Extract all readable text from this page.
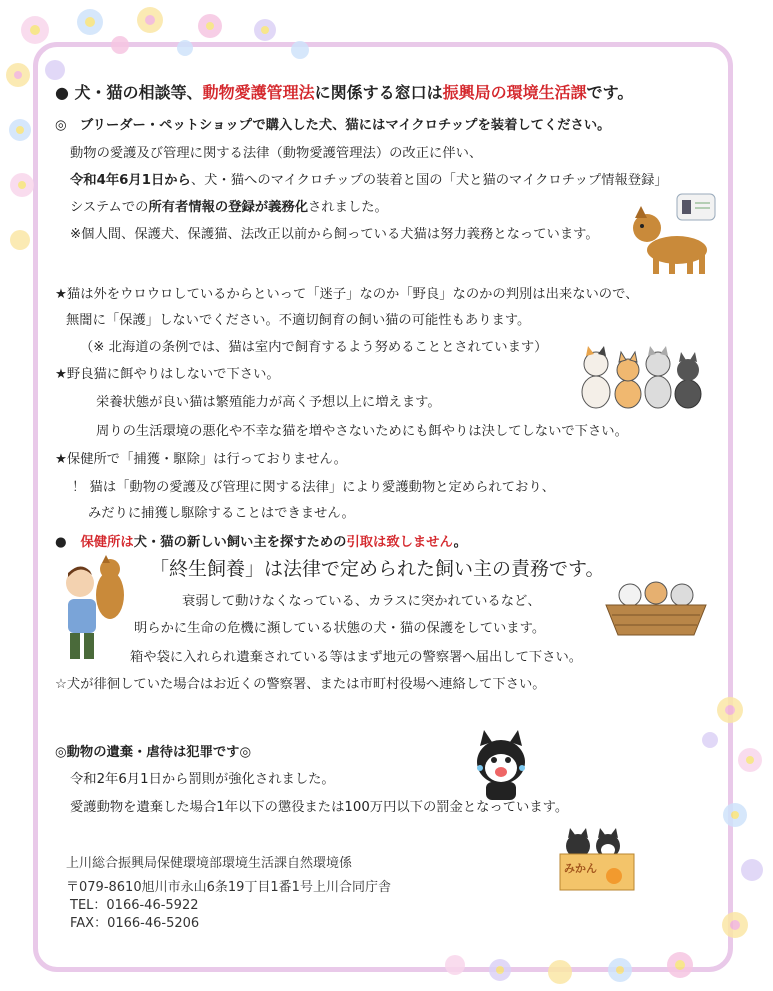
● 犬・猫の相談等、動物愛護管理法に関係する窓口は振興局の環境生活課です。
◎　ブリーダー・ペットショップで購入した犬、猫にはマイクロチップを装着してください。
動物の愛護及び管理に関する法律（動物愛護管理法）の改正に伴い、
令和4年6月1日から、犬・猫へのマイクロチップの装着と国の「犬と猫のマイクロチップ情報登録」
システムでの所有者情報の登録が義務化されました。
※個人間、保護犬、保護猫、法改正以前から飼っている犬猫は努力義務となっています。
★猫は外をウロウロしているからといって「迷子」なのか「野良」なのかの判別は出来ないので、
無闇に「保護」しないでください。不適切飼育の飼い猫の可能性もあります。
（※ 北海道の条例では、猫は室内で飼育するよう努めることとされています）
★野良猫に餌やりはしないで下さい。
栄養状態が良い猫は繁殖能力が高く予想以上に増えます。
周りの生活環境の悪化や不幸な猫を増やさないためにも餌やりは決してしないで下さい。
★保健所で「捕獲・駆除」は行っておりません。
！ 猫は「動物の愛護及び管理に関する法律」により愛護動物と定められており、
みだりに捕獲し駆除することはできません。
● 保健所は犬・猫の新しい飼い主を探すための引取は致しません。
「終生飼養」は法律で定められた飼い主の責務です。
衰弱して動けなくなっている、カラスに突かれているなど、
明らかに生命の危機に瀕している状態の犬・猫の保護をしています。
箱や袋に入れられ遺棄されている等はまず地元の警察署へ届出して下さい。
☆犬が徘徊していた場合はお近くの警察署、または市町村役場へ連絡して下さい。
◎動物の遺棄・虐待は犯罪です◎
令和2年6月1日から罰則が強化されました。
愛護動物を遺棄した場合1年以下の懲役または100万円以下の罰金となっています。
上川総合振興局保健環境部環境生活課自然環境係
〒079-8610旭川市永山6条19丁目1番1号上川合同庁舎
TEL：0166-46-5922
FAX：0166-46-5206
みかん
